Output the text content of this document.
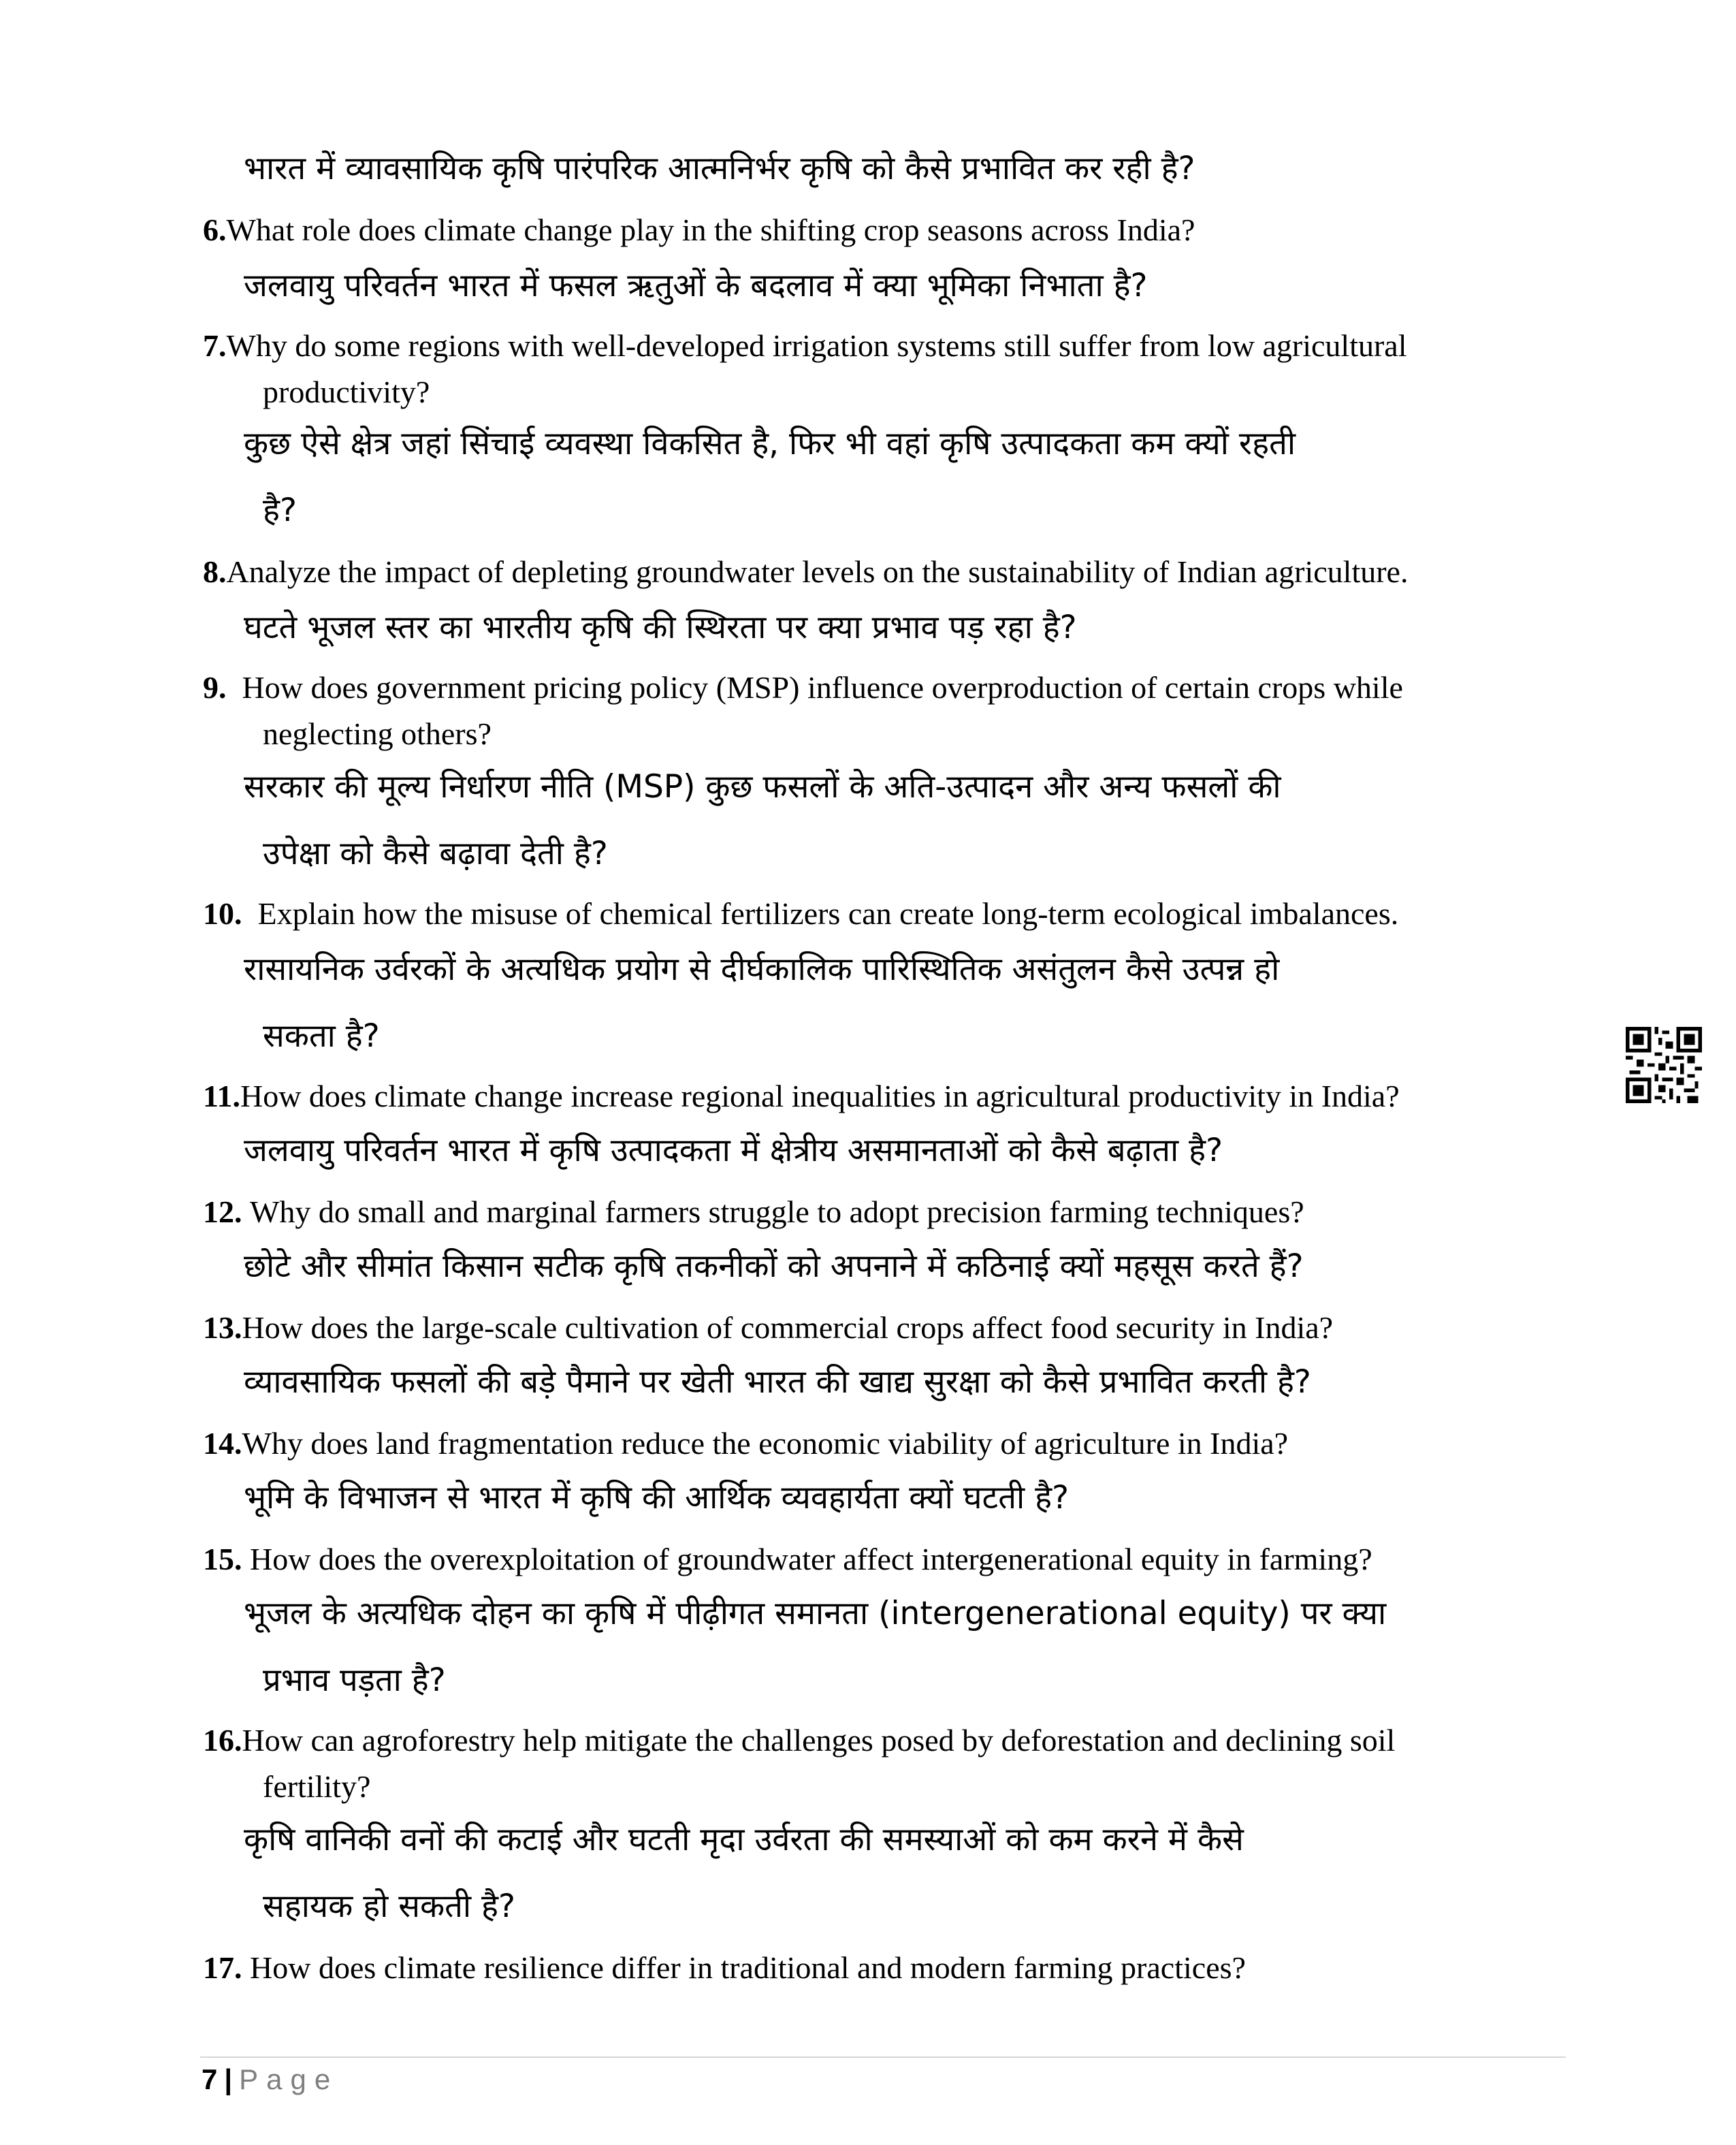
भारत में व्यावसायिक कृषि पारंपरिक आत्मनिर्भर कृषि को कैसे प्रभावित कर रही है?
6.What role does climate change play in the shifting crop seasons across India?
जलवायु परिवर्तन भारत में फसल ऋतुओं के बदलाव में क्या भूमिका निभाता है?
7.Why do some regions with well-developed irrigation systems still suffer from low agricultural
productivity?
कुछ ऐसे क्षेत्र जहां सिंचाई व्यवस्था विकसित है, फिर भी वहां कृषि उत्पादकता कम क्यों रहती
है?
8.Analyze the impact of depleting groundwater levels on the sustainability of Indian agriculture.
घटते भूजल स्तर का भारतीय कृषि की स्थिरता पर क्या प्रभाव पड़ रहा है?
9. How does government pricing policy (MSP) influence overproduction of certain crops while
neglecting others?
सरकार की मूल्य निर्धारण नीति (MSP) कुछ फसलों के अति-उत्पादन और अन्य फसलों की
उपेक्षा को कैसे बढ़ावा देती है?
10. Explain how the misuse of chemical fertilizers can create long-term ecological imbalances.
रासायनिक उर्वरकों के अत्यधिक प्रयोग से दीर्घकालिक पारिस्थितिक असंतुलन कैसे उत्पन्न हो
सकता है?
11.How does climate change increase regional inequalities in agricultural productivity in India?
जलवायु परिवर्तन भारत में कृषि उत्पादकता में क्षेत्रीय असमानताओं को कैसे बढ़ाता है?
12. Why do small and marginal farmers struggle to adopt precision farming techniques?
छोटे और सीमांत किसान सटीक कृषि तकनीकों को अपनाने में कठिनाई क्यों महसूस करते हैं?
13.How does the large-scale cultivation of commercial crops affect food security in India?
व्यावसायिक फसलों की बड़े पैमाने पर खेती भारत की खाद्य सुरक्षा को कैसे प्रभावित करती है?
14.Why does land fragmentation reduce the economic viability of agriculture in India?
भूमि के विभाजन से भारत में कृषि की आर्थिक व्यवहार्यता क्यों घटती है?
15. How does the overexploitation of groundwater affect intergenerational equity in farming?
भूजल के अत्यधिक दोहन का कृषि में पीढ़ीगत समानता (intergenerational equity) पर क्या
प्रभाव पड़ता है?
16.How can agroforestry help mitigate the challenges posed by deforestation and declining soil
fertility?
कृषि वानिकी वनों की कटाई और घटती मृदा उर्वरता की समस्याओं को कम करने में कैसे
सहायक हो सकती है?
17. How does climate resilience differ in traditional and modern farming practices?
7 | Page
